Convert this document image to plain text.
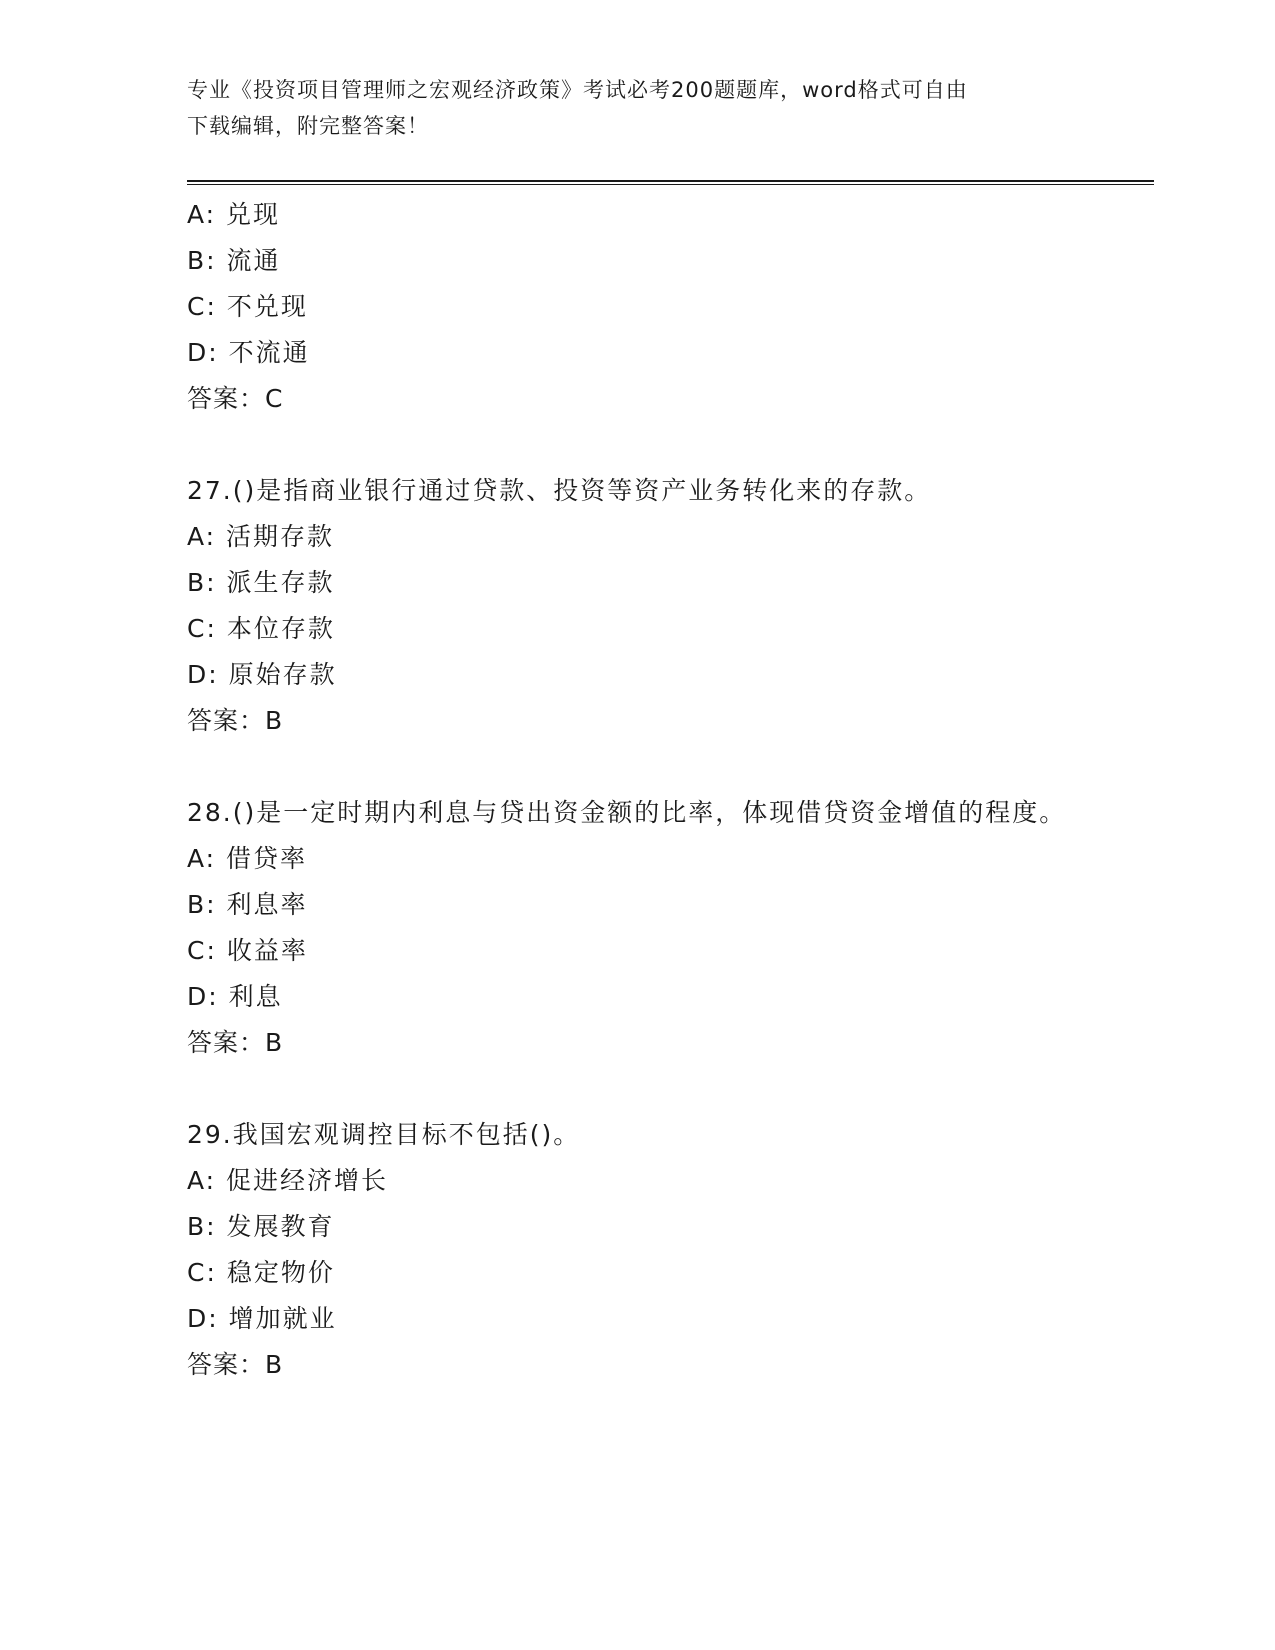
专业《投资项目管理师之宏观经济政策》考试必考200题题库，word格式可自由
下载编辑，附完整答案！

A: 兑现

B: 流通

C: 不兑现

D: 不流通

答案：C

27.()是指商业银行通过贷款、投资等资产业务转化来的存款。

A: 活期存款

B: 派生存款

C: 本位存款

D: 原始存款

答案：B

28.()是一定时期内利息与贷出资金额的比率，体现借贷资金增值的程度。

A: 借贷率

B: 利息率

C: 收益率

D: 利息

答案：B

29.我国宏观调控目标不包括()。

A: 促进经济增长

B: 发展教育

C: 稳定物价

D: 增加就业

答案：B
